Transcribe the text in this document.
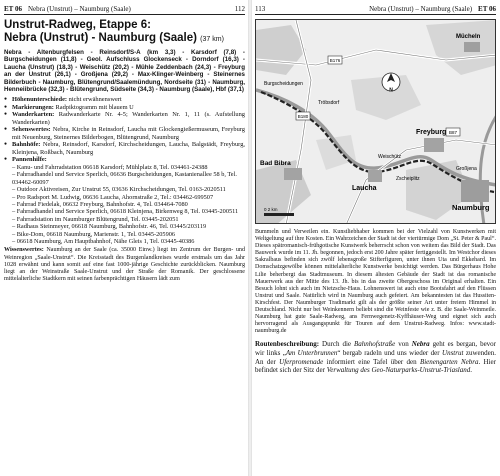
ET 06 Nebra (Unstrut) – Naumburg (Saale)	112
Unstrut-Radweg, Etappe 6:
Nebra (Unstrut) - Naumburg (Saale) (37 km)
Nebra - Altenburgfelsen - Reinsdorf/S-A (km 3,3) - Karsdorf (7,8) - Burgscheidungen (11,8) - Geol. Aufschluss Glockenseck - Dorndorf (16,3) - Laucha (Unstrut) (18,3) - Weischütz (20,2) - Mühle Zeddenbach (24,3) - Freyburg an der Unstrut (26,1) - Großjena (29,2) - Max-Klinger-Weinberg - Steinernes Bilderbuch - Naumburg, Blütengrund/Saalemündung, Nordseite (31) - Naumburg, Henneiibrücke (32,3) - Blütengrund, Südseite (34,3) - Naumburg (Saale), Hbf (37,1)
● Höhenunterschiede: nicht erwähnenswert
● Markierungen: Radpiktogramm mit blauem U
● Wanderkarten: Radwanderkarte Nr. 4-5; Wanderkarten Nr. 1, 11 (s. Aufstellung Wanderkarten)
● Sehenswertes: Nebra, Kirche in Reinsdorf, Laucha mit Glockengießermuseum, Freyburg mit Neuenburg, Steinernes Bilderbogen, Blütengrund, Naumburg
● Bahnhöfe: Nebra, Reinsdorf, Karsdorf, Kirchscheidungen, Laucha, Balgstädt, Freyburg, Kleinjena, Roßbach, Naumburg
● Pannenhilfe:
– Kanu- und Fahrradstation 06618 Karsdorf; Mühlplatz 8, Tel. 034461-24388
– Fahrradhandel und Service Sperlich, 06636 Burgscheidungen, Kastanienallee 58 b, Tel. 034462-60097
– Outdoor Aktivreisen, Zur Unstrut 55, 03636 Kirchscheidungen, Tel. 0163-2020511
– Pro Radsport M. Ludwig, 06636 Laucha, Ahornstraße 2, Tel.: 034462-699507
– Fahrrad Fiedelak, 06632 Freyburg, Bahnhofstr. 4, Tel. 034464-7080
– Fahrradhandel und Service Sperlich, 06618 Kleinjena, Birkenweg 8, Tel. 03445-200511
– Fahrradstation im Naumburger Blütengrund, Tel. 03445-202051
– Radhaus Steinmeyer, 06618 Naumburg, Bahnhofstr. 46, Tel. 03445/203119
– Bike-Dom, 06618 Naumburg, Marienstr. 1, Tel. 03445-205906
– 06618 Naumburg, Am Hauptbahnhof, Nähe Gleis 1, Tel. 03445-40386
Wissenswertes: Naumburg an der Saale (ca. 35000 Einw.) liegt im Zentrum der Burgen- und Weinregion „Saale-Unstrut“. Die Kreisstadt des Burgenlandkreises wurde erstmals um das Jahr 1028 erwähnt und kann somit auf eine fast 1000-jährige Geschichte zurückblicken. Naumburg liegt an der Weinstraße Saale-Unstrut und der Straße der Romanik. Der geschlossene mittelalterliche Stadtkern mit seinen farbenprächtigen Häusern lädt zum
113	Nebra (Unstrut) – Naumburg (Saale) ET 06
B176
B180
B87
N
0 2 km
Mücheln
Freyburg
Bad Bibra
Laucha
Naumburg
Weischütz
Burgscheidungen
Tröbsdorf
Großjena
Zscheiplitz
Bummeln und Verweilen ein. Kunstliebhaber kommen bei der Vielzahl von Kunstwerken mit Weltgeltung auf ihre Kosten. Ein Wahrzeichen der Stadt ist der viertürmige Dom „St. Peter & Paul“. Dieses spätromanisch-frühgotische Kunstwerk beherrscht schon von weitem das Bild der Stadt. Das Bauwerk wurde im 11. Jh. begonnen, jedoch erst 200 Jahre später fertiggestellt. Im Westchor dieses Sakralbaus befinden sich zwölf lebensgroße Stifterfiguren, unter ihnen Uta und Ekkehard. Im Domschatzgewölbe können mittelalterliche Kunstwerke besichtigt werden. Das Bürgerhaus Hohe Lilie beherbergt das Stadtmuseum. In diesem ältesten Gebäude der Stadt ist das romanische Mauerwerk aus der Mitte des 13. Jh. bis in das zweite Obergeschoss im Original erhalten. Ein Besuch lohnt sich auch im Nietzsche-Haus. Lohnenswert ist auch eine Bootsfahrt auf den Flüssen Unstrut und Saale. Natürlich wird in Naumburg auch gefeiert. Am bekanntesten ist das Hussiten-Kirschfest. Der Naumburger Tradimarkt gilt als der größte seiner Art unter freiem Himmel in Deutschland. Nicht nur bei Weinkennern beliebt sind die Weinfeste wie z. B. die Saale-Weinmeile. Naumburg hat gute Saale-Radweg, ans Fernwegenetz-Kyffhäuser-Weg und eignet sich auch hervorragend als Ausgangspunkt für Touren auf dem Unstrut-Radweg. Infos: www.stadt-naumburg.de
Routenbeschreibung: Durch die Bahnhofstraße von Nebra geht es bergan, bevor wir links „Am Unterbrunnen“ bergab radeln und uns wieder der Unstrut zuwenden. An der Uferpromenade informiert eine Tafel über den Bienengarten Nebra. Hier befindet sich der Sitz der Verwaltung des Geo-Naturparks-Unstrut-Triasland.
